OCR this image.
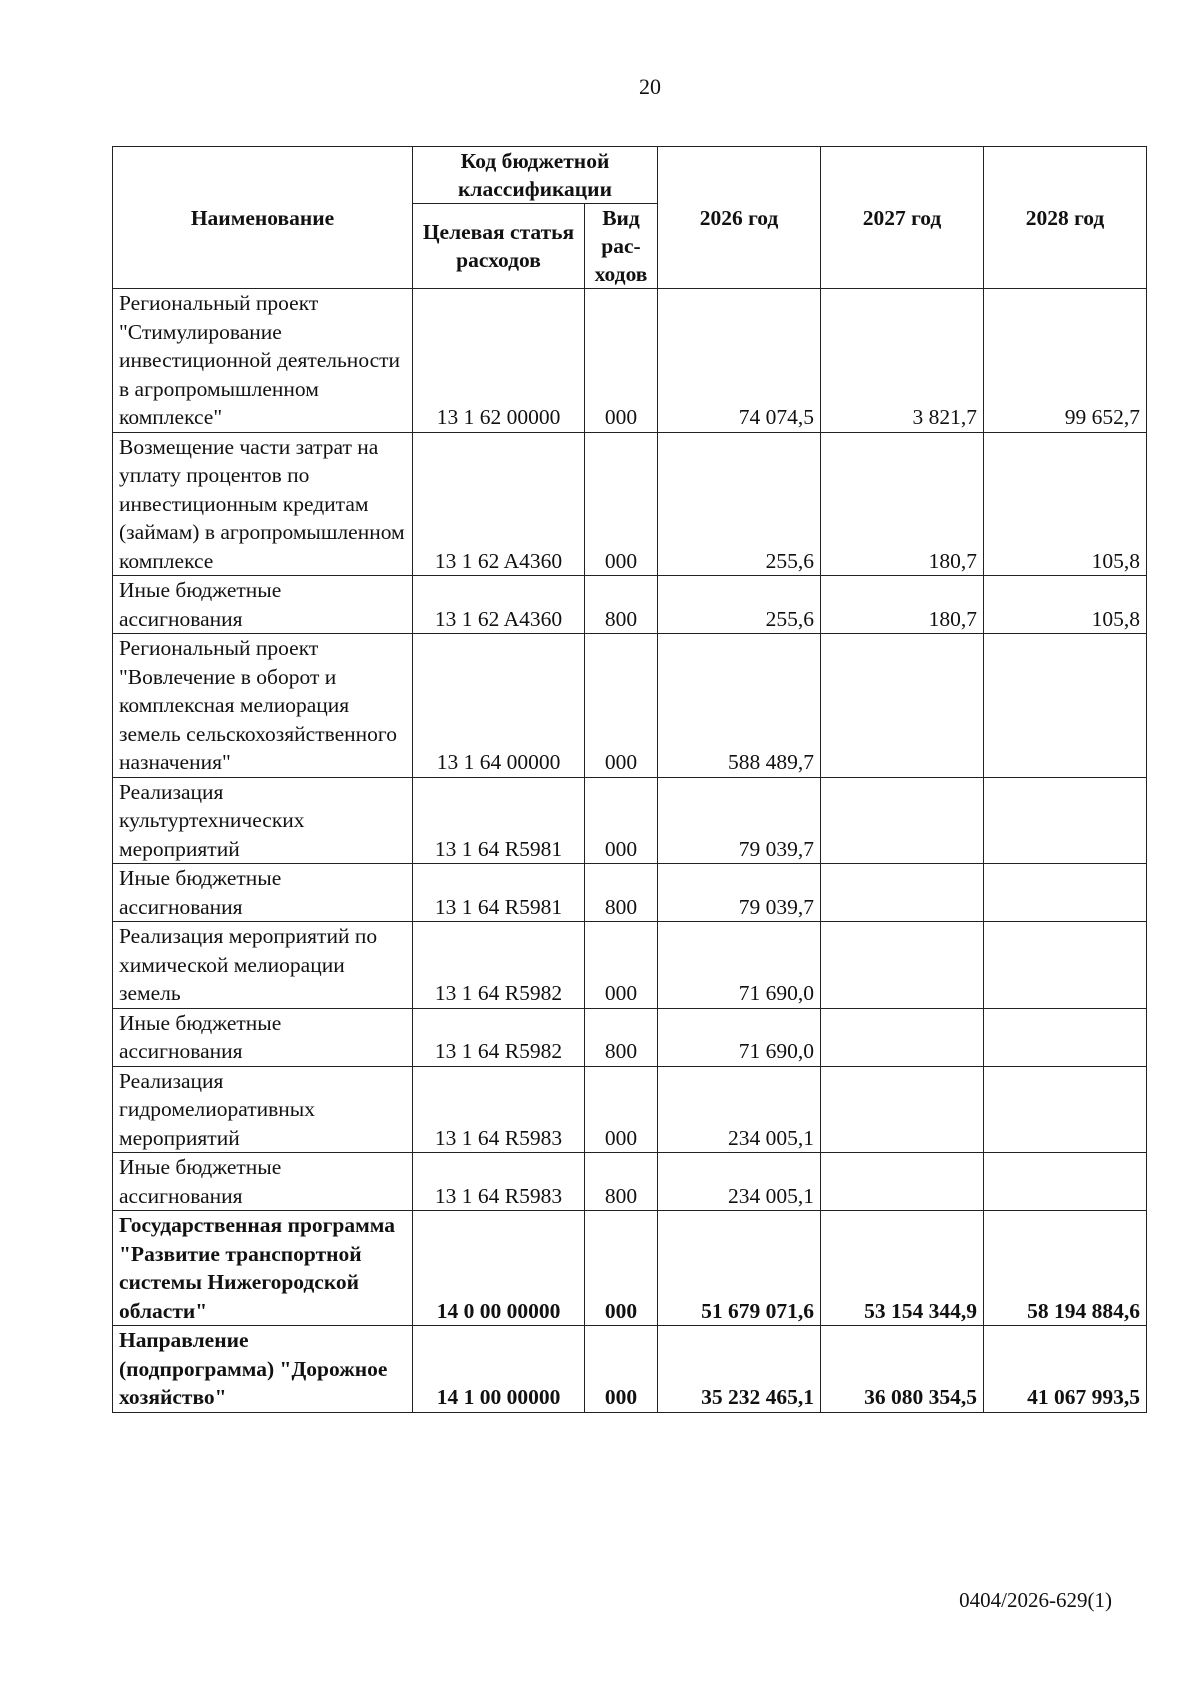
20
Наименование	Код бюджетной классификации		2026 год	2027 год	2028 год
	Целевая статья расходов	Вид рас-ходов			
Региональный проект "Стимулирование инвестиционной деятельности в агропромышленном комплексе"	13 1 62 00000	000	74 074,5	3 821,7	99 652,7
Возмещение части затрат на уплату процентов по инвестиционным кредитам (займам) в агропромышленном комплексе	13 1 62 A4360	000	255,6	180,7	105,8
Иные бюджетные ассигнования	13 1 62 A4360	800	255,6	180,7	105,8
Региональный проект "Вовлечение в оборот и комплексная мелиорация земель сельскохозяйственного назначения"	13 1 64 00000	000	588 489,7		
Реализация культуртехнических мероприятий	13 1 64 R5981	000	79 039,7		
Иные бюджетные ассигнования	13 1 64 R5981	800	79 039,7		
Реализация мероприятий по химической мелиорации земель	13 1 64 R5982	000	71 690,0		
Иные бюджетные ассигнования	13 1 64 R5982	800	71 690,0		
Реализация гидромелиоративных мероприятий	13 1 64 R5983	000	234 005,1		
Иные бюджетные ассигнования	13 1 64 R5983	800	234 005,1		
Государственная программа "Развитие транспортной системы Нижегородской области"	14 0 00 00000	000	51 679 071,6	53 154 344,9	58 194 884,6
Направление (подпрограмма) "Дорожное хозяйство"	14 1 00 00000	000	35 232 465,1	36 080 354,5	41 067 993,5
0404/2026-629(1)
